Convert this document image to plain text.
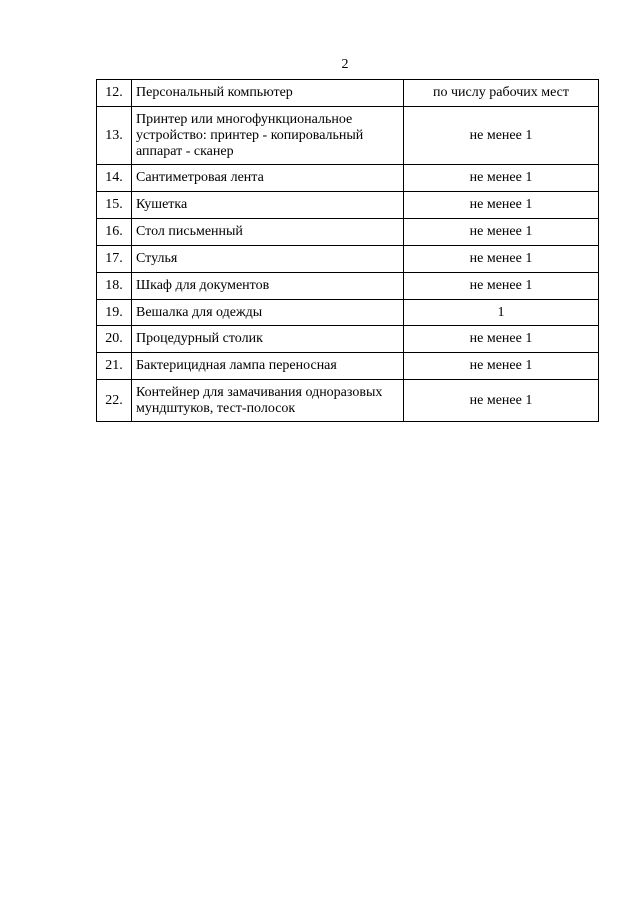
2
12.	Персональный компьютер	по числу рабочих мест
13.	Принтер или многофункциональное устройство: принтер - копировальный аппарат - сканер	не менее 1
14.	Сантиметровая лента	не менее 1
15.	Кушетка	не менее 1
16.	Стол письменный	не менее 1
17.	Стулья	не менее 1
18.	Шкаф для документов	не менее 1
19.	Вешалка для одежды	1
20.	Процедурный столик	не менее 1
21.	Бактерицидная лампа переносная	не менее 1
22.	Контейнер для замачивания одноразовых мундштуков, тест-полосок	не менее 1
